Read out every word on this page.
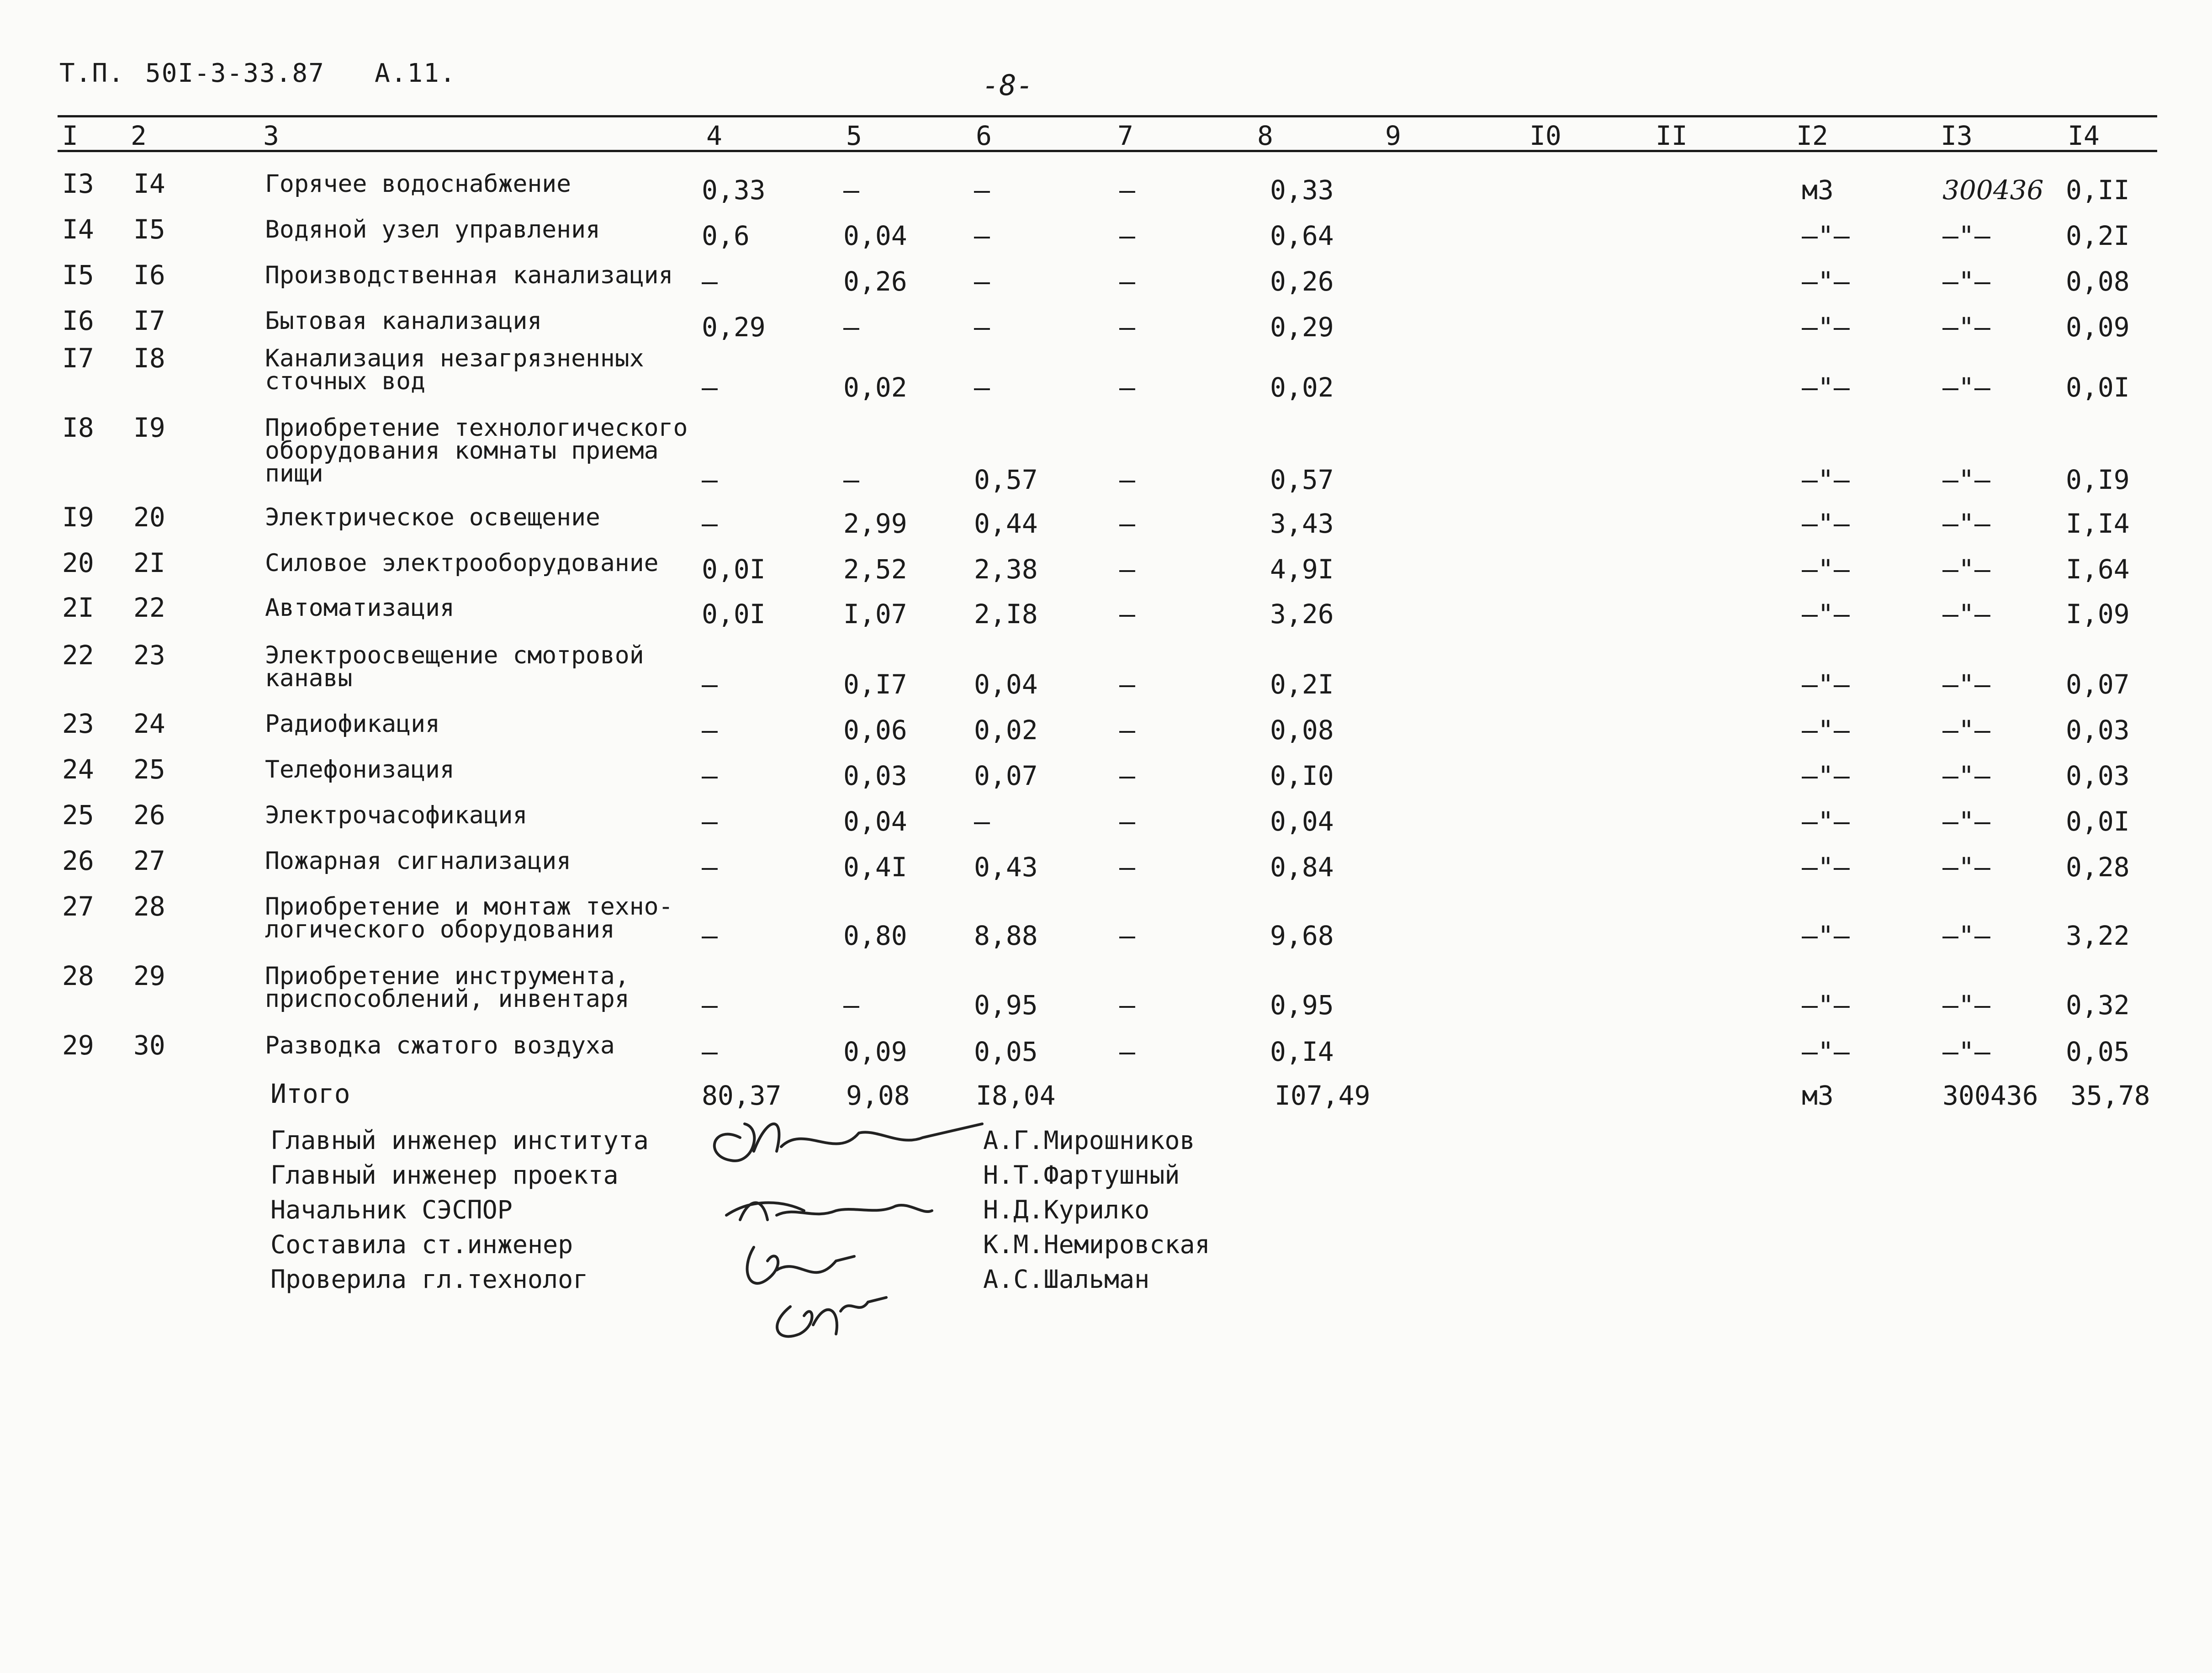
Т.П. 50I-3-33.87 А.11.	-8-
I 2	3	4	5	6	7	8	9	I0	II	I2	I3	I4
I3 I4	Горячее водоснабжение	0,33	–	–	–	0,33	м3	300436 0,II
I4 I5	Водяной узел управления	0,6	0,04	–	–	0,64	–"–	–"–	0,2I
I5 I6	Производственная канализация –	0,26	–	–	0,26	–"–	–"–	0,08
I6 I7	Бытовая канализация	0,29	–	–	–	0,29	–"–	–"–	0,09
I7 I8	Канализация незагрязненных
сточных вод	–	0,02	–	–	0,02	–"–	–"–	0,0I
I8 I9	Приобретение технологического
оборудования комнаты приема
пищи	–	–	0,57	–	0,57	–"–	–"–	0,I9
I9 20	Электрическое освещение	–	2,99	0,44	–	3,43	–"–	–"–	I,I4
20 2I	Силовое электрооборудование 0,0I	2,52	2,38	–	4,9I	–"–	–"–	I,64
2I 22	Автоматизация	0,0I	I,07	2,I8	–	3,26	–"–	–"–	I,09
22 23	Электроосвещение смотровой
канавы	–	0,I7	0,04	–	0,2I	–"–	–"–	0,07
23 24	Радиофикация	–	0,06	0,02	–	0,08	–"–	–"–	0,03
24 25	Телефонизация	–	0,03	0,07	–	0,I0	–"–	–"–	0,03
25 26	Электрочасофикация	–	0,04	–	–	0,04	–"–	–"–	0,0I
26 27	Пожарная сигнализация	–	0,4I	0,43	–	0,84	–"–	–"–	0,28
27 28	Приобретение и монтаж техно-
логического оборудования	–	0,80	8,88	–	9,68	–"–	–"–	3,22
28 29	Приобретение инструмента,
приспособлений, инвентаря	–	–	0,95	–	0,95	–"–	–"–	0,32
29 30	Разводка сжатого воздуха	–	0,09	0,05	–	0,I4	–"–	–"–	0,05
Итого	80,37 9,08 I8,04	I07,49	м3	300436 35,78
Главный инженер института	А.Г.Мирошников
Главный инженер проекта	Н.Т.Фартушный
Начальник СЭСПОР	Н.Д.Курилко
Составила ст.инженер	К.М.Немировская
Проверила гл.технолог	А.С.Шальман
